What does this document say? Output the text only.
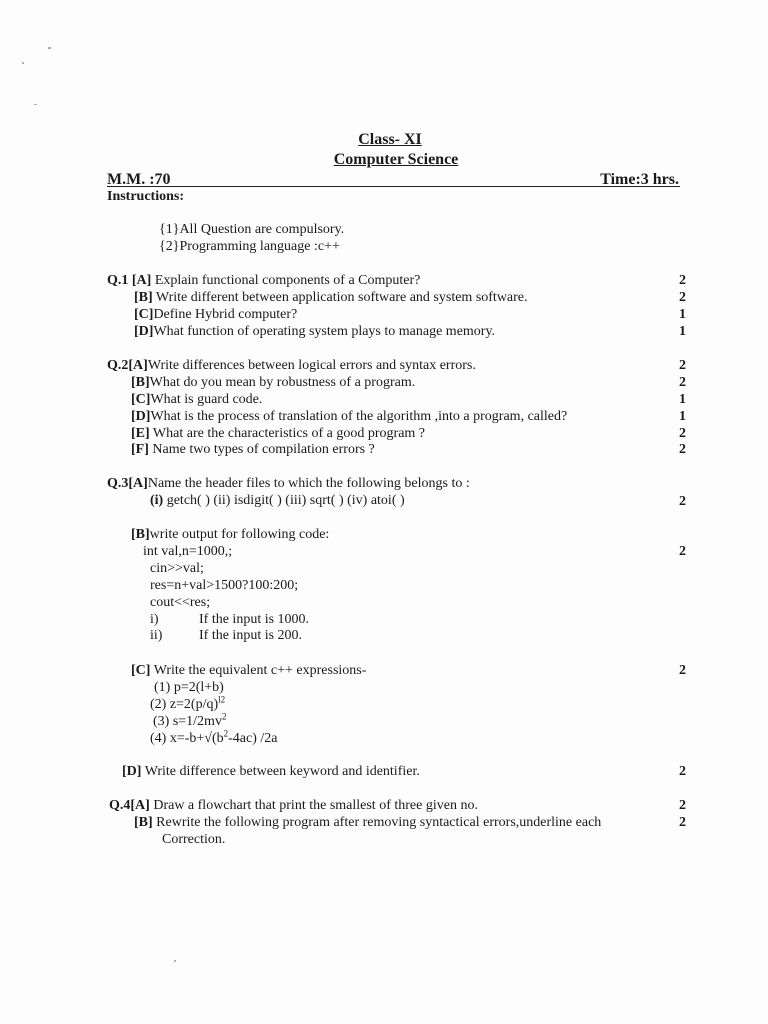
Class- XI
Computer Science
M.M. :70	Time:3 hrs.
Instructions:
{1}All Question are compulsory.
{2}Programming language :c++
Q.1 [A] Explain functional components of a Computer?	2
[B] Write different between application software and system software.	2
[C]Define Hybrid computer?	1
[D]What function of operating system plays to manage memory.	1
Q.2[A]Write differences between logical errors and syntax errors.	2
[B]What do you mean by robustness of a program.	2
[C]What is guard code.	1
[D]What is the process of translation of the algorithm ,into a program, called?	1
[E] What are the characteristics of a good program ?	2
[F] Name two types of compilation errors ?	2
Q.3[A]Name the header files to which the following belongs to :
(i) getch( ) (ii) isdigit( ) (iii) sqrt( ) (iv) atoi( )	2
[B]write output for following code:
int val,n=1000,;	2
cin>>val;
res=n+val>1500?100:200;
cout<<res;
i)	If the input is 1000.
ii)	If the input is 200.
[C] Write the equivalent c++ expressions-	2
(1) p=2(l+b)
(2) $z=2(p/q)^{l2}$
(3) $s=1/2mv^2$
(4) $x=-b+√(b^2-4ac)$ /2a
[D] Write difference between keyword and identifier.	2
Q.4[A] Draw a flowchart that print the smallest of three given no.	2
[B] Rewrite the following program after removing syntactical errors,underline each	2
Correction.
